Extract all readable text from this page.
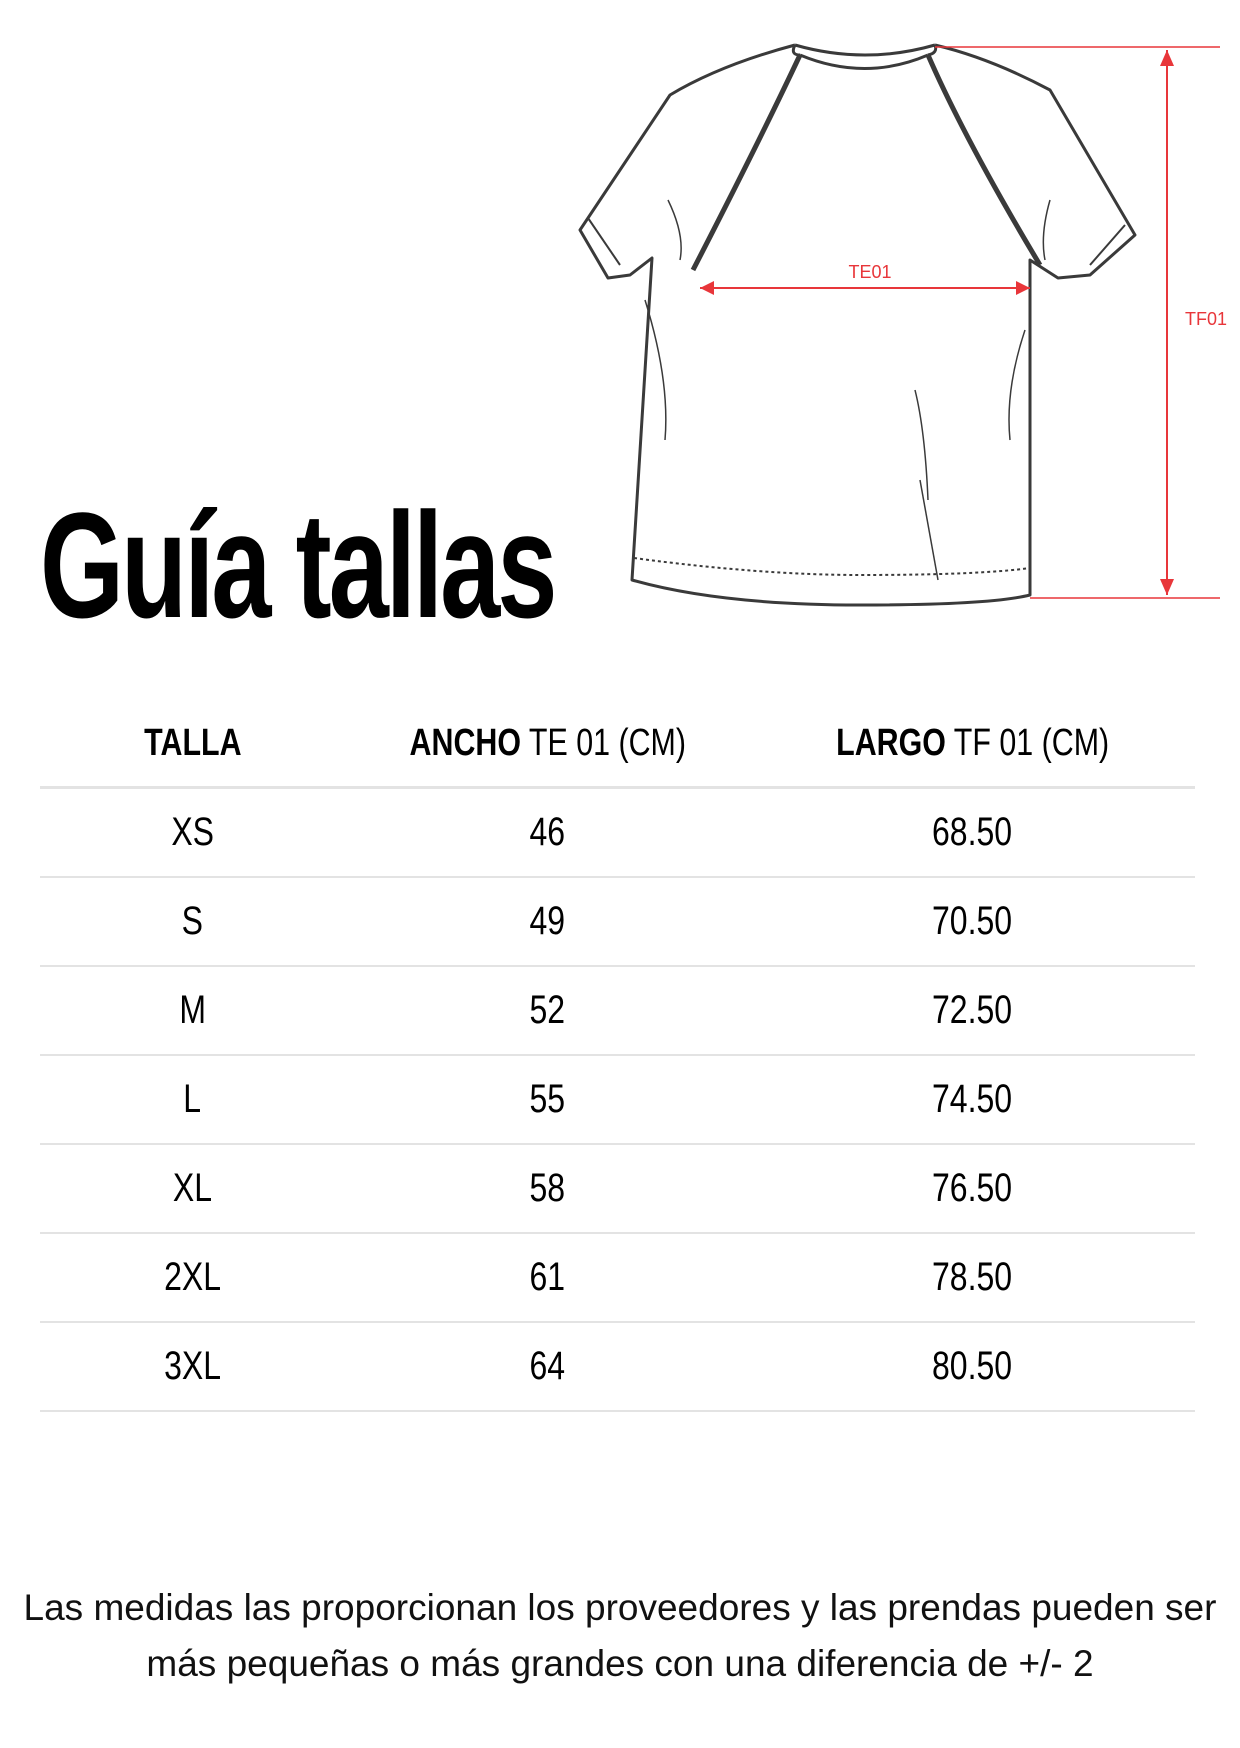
Guía tallas
TE01
TF01
TALLA	ANCHO TE 01 (CM)	LARGO TF 01 (CM)
XS	46	68.50
S	49	70.50
M	52	72.50
L	55	74.50
XL	58	76.50
2XL	61	78.50
3XL	64	80.50
Las medidas las proporcionan los proveedores y las prendas pueden ser más pequeñas o más grandes con una diferencia de +/- 2
